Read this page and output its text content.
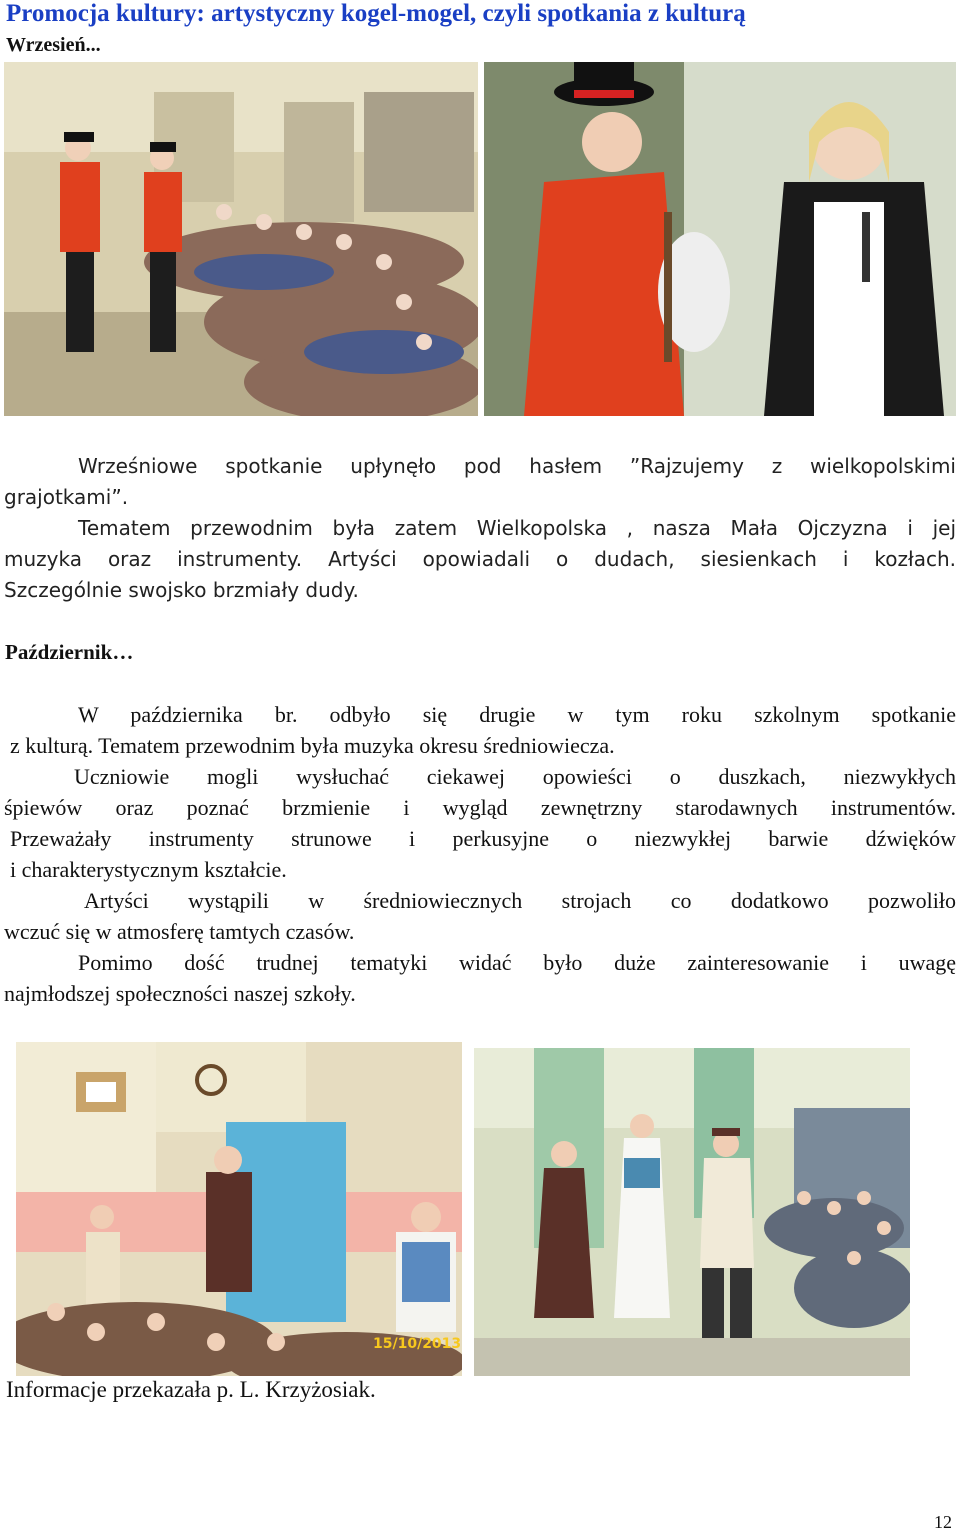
Promocja kultury: artystyczny kogel-mogel, czyli spotkania z kulturą
Wrzesień...
Wrześniowe spotkanie upłynęło pod hasłem ”Rajzujemy z wielkopolskimi
grajotkami”.
Tematem przewodnim była zatem Wielkopolska , nasza Mała Ojczyzna i jej
muzyka oraz instrumenty. Artyści opowiadali o dudach, siesienkach i kozłach.
Szczególnie swojsko brzmiały dudy.
Październik…
W października br. odbyło się drugie w tym roku szkolnym spotkanie
z kulturą. Tematem przewodnim była muzyka okresu średniowiecza.
Uczniowie mogli wysłuchać ciekawej opowieści o duszkach, niezwykłych
śpiewów oraz poznać brzmienie i wygląd zewnętrzny starodawnych instrumentów.
Przeważały instrumenty strunowe i perkusyjne o niezwykłej barwie dźwięków
i charakterystycznym kształcie.
Artyści wystąpili w średniowiecznych strojach co dodatkowo pozwoliło
wczuć się w atmosferę tamtych czasów.
Pomimo dość trudnej tematyki widać było duże zainteresowanie i uwagę
najmłodszej społeczności naszej szkoły.
15/10/2013
Informacje przekazała p. L. Krzyżosiak.
12
